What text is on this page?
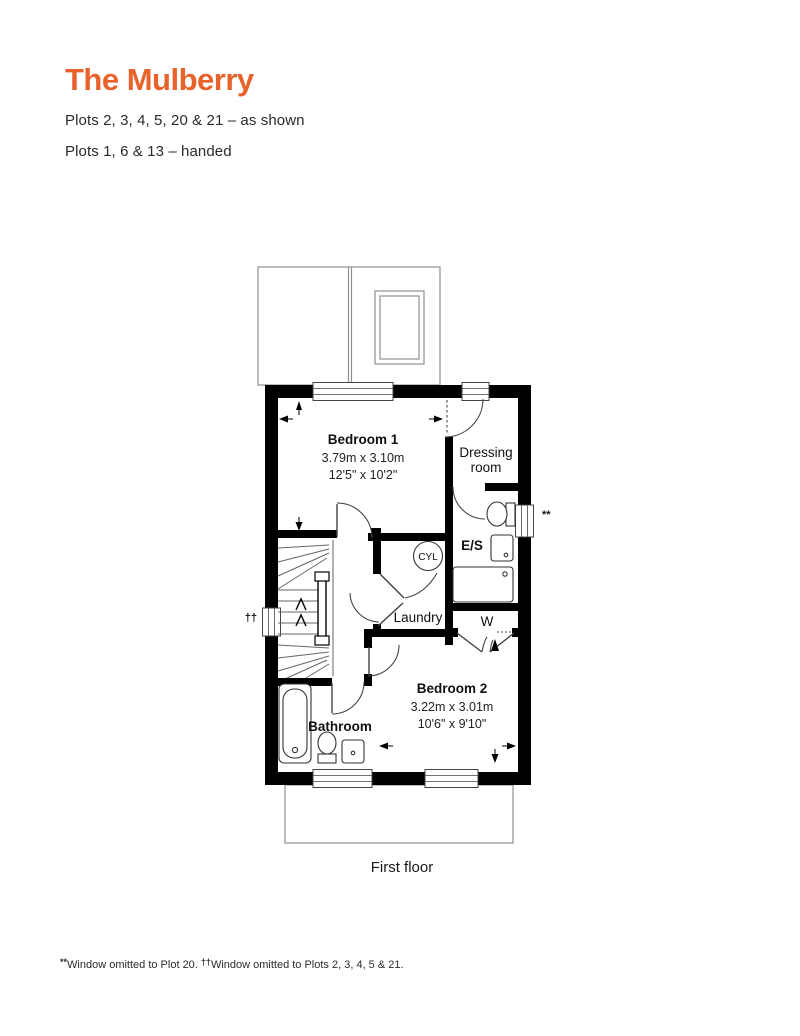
The Mulberry
Plots 2, 3, 4, 5, 20 & 21 – as shown
Plots 1, 6 & 13 – handed
Bedroom 1
3.79m x 3.10m
12'5" x 10'2"
Dressing
room
E/S
CYL
Laundry	W
Bedroom 2
3.22m x 3.01m
10'6" x 9'10"
Bathroom
**
††
First floor
**Window omitted to Plot 20. ††Window omitted to Plots 2, 3, 4, 5 & 21.
